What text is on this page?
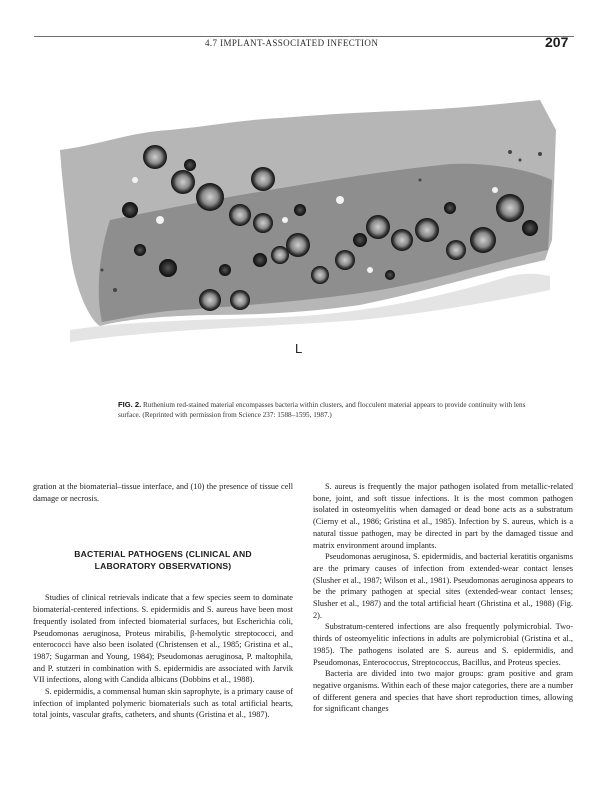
4.7 IMPLANT-ASSOCIATED INFECTION	207
L
FIG. 2. Ruthenium red-stained material encompasses bacteria within clusters, and flocculent material appears to provide continuity with lens surface. (Reprinted with permission from Science 237: 1588–1595, 1987.)

gration at the biomaterial–tissue interface, and (10) the presence of tissue cell damage or necrosis.

BACTERIAL PATHOGENS (CLINICAL AND
LABORATORY OBSERVATIONS)

Studies of clinical retrievals indicate that a few species seem to dominate biomaterial-centered infections. S. epidermidis and S. aureus have been most frequently isolated from infected biomaterial surfaces, but Escherichia coli, Pseudomonas aeruginosa, Proteus mirabilis, β-hemolytic streptococci, and enterococci have also been isolated (Christensen et al., 1985; Gristina et al., 1987; Sugarman and Young, 1984); Pseudomonas aeruginosa, P. maltophila, and P. stutzeri in combination with S. epidermidis are associated with Jarvik VII infections, along with Candida albicans (Dobbins et al., 1988).

S. epidermidis, a commensal human skin saprophyte, is a primary cause of infection of implanted polymeric biomaterials such as total artificial hearts, total joints, vascular grafts, catheters, and shunts (Gristina et al., 1987).

S. aureus is frequently the major pathogen isolated from metallic-related bone, joint, and soft tissue infections. It is the most common pathogen isolated in osteomyelitis when damaged or dead bone acts as a substratum (Cierny et al., 1986; Gristina et al., 1985). Infection by S. aureus, which is a natural tissue pathogen, may be directed in part by the damaged tissue and matrix environment around implants.

Pseudomonas aeruginosa, S. epidermidis, and bacterial keratitis organisms are the primary causes of infection from extended-wear contact lenses (Slusher et al., 1987; Wilson et al., 1981). Pseudomonas aeruginosa appears to be the primary pathogen at special sites (extended-wear contact lenses; Slusher et al., 1987) and the total artificial heart (Ghristina et al., 1988) (Fig. 2).

Substratum-centered infections are also frequently polymicrobial. Two-thirds of osteomyelitic infections in adults are polymicrobial (Gristina et al., 1985). The pathogens isolated are S. aureus and S. epidermidis, and Pseudomonas, Enterococcus, Streptococcus, Bacillus, and Proteus species.

Bacteria are divided into two major groups: gram positive and gram negative organisms. Within each of these major categories, there are a number of different genera and species that have short reproduction times, allowing for significant changes
